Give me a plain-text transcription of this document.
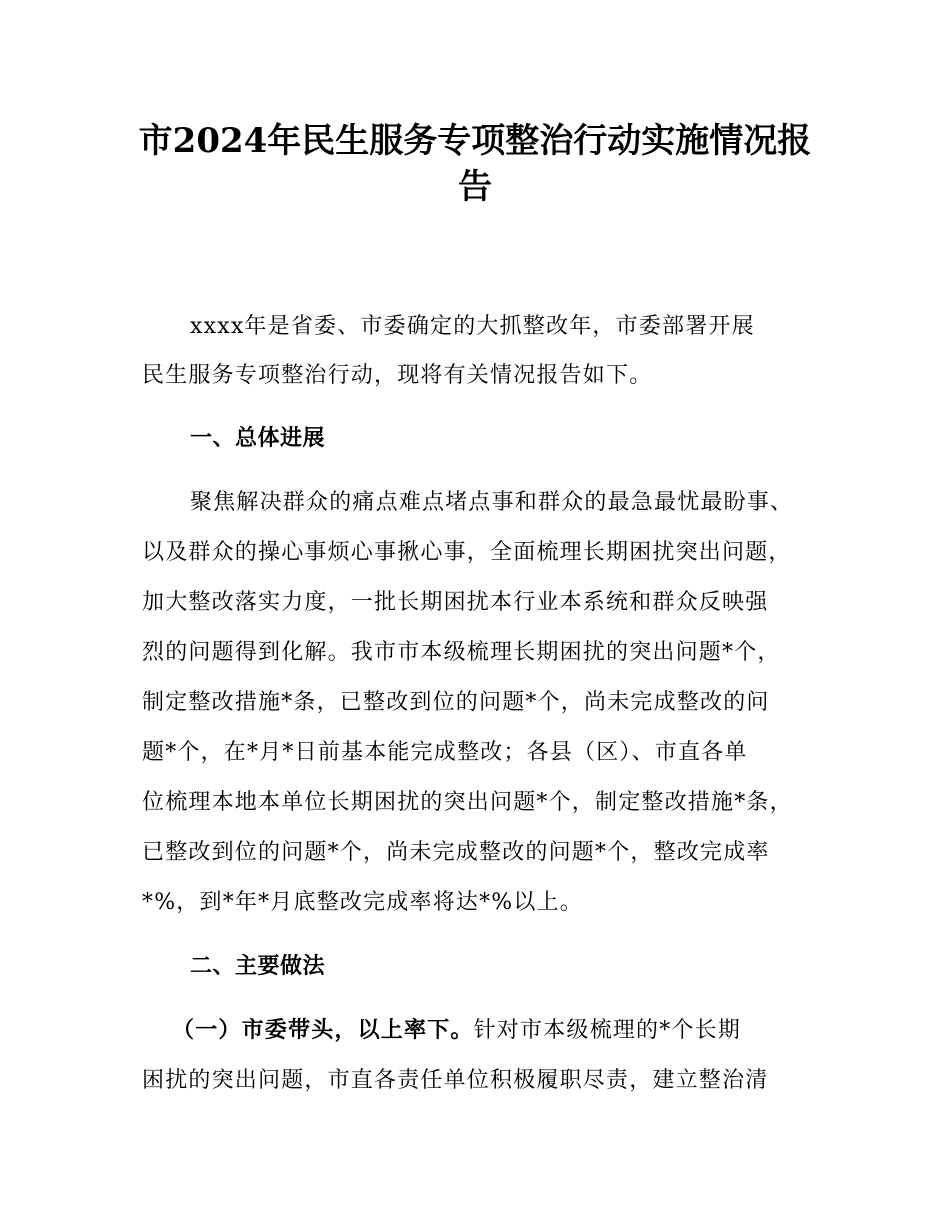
市2024年民生服务专项整治行动实施情况报
告

xxxx年是省委、市委确定的大抓整改年，市委部署开展

民生服务专项整治行动，现将有关情况报告如下。

一、总体进展

聚焦解决群众的痛点难点堵点事和群众的最急最忧最盼事、

以及群众的操心事烦心事揪心事，全面梳理长期困扰突出问题，

加大整改落实力度，一批长期困扰本行业本系统和群众反映强

烈的问题得到化解。我市市本级梳理长期困扰的突出问题*个，

制定整改措施*条，已整改到位的问题*个，尚未完成整改的问

题*个，在*月*日前基本能完成整改；各县（区）、市直各单

位梳理本地本单位长期困扰的突出问题*个，制定整改措施*条，

已整改到位的问题*个，尚未完成整改的问题*个，整改完成率

*%，到*年*月底整改完成率将达*%以上。

二、主要做法

（一）市委带头，以上率下。针对市本级梳理的*个长期

困扰的突出问题，市直各责任单位积极履职尽责，建立整治清
